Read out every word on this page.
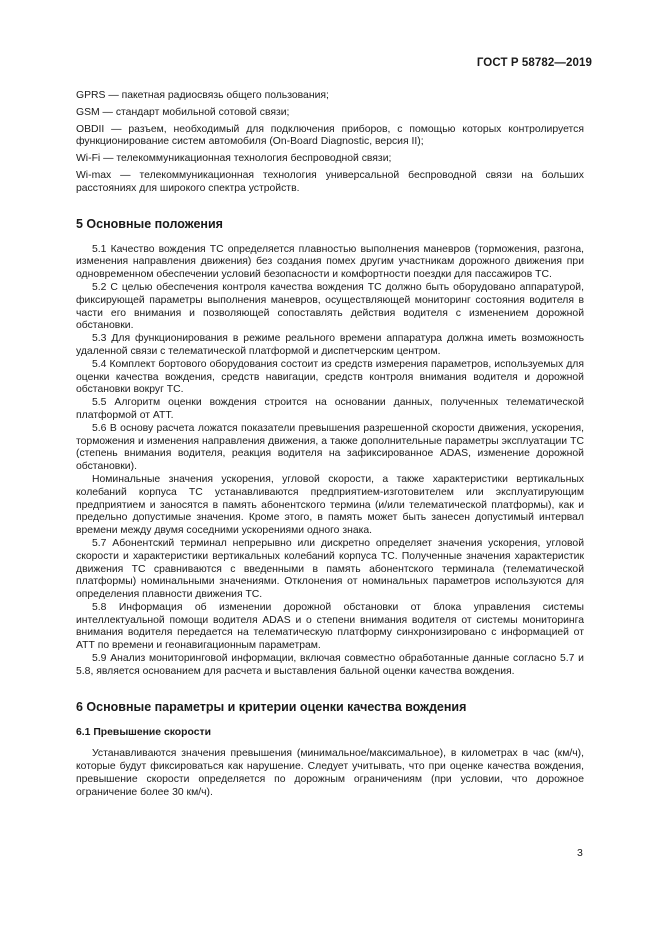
ГОСТ Р 58782—2019

GPRS — пакетная радиосвязь общего пользования;

GSM — стандарт мобильной сотовой связи;

OBDII — разъем, необходимый для подключения приборов, с помощью которых контролируется функционирование систем автомобиля (On-Board Diagnostic, версия II);

Wi-Fi — телекоммуникационная технология беспроводной связи;

Wi-max — телекоммуникационная технология универсальной беспроводной связи на больших расстояниях для широкого спектра устройств.

5 Основные положения

5.1 Качество вождения ТС определяется плавностью выполнения маневров (торможения, разгона, изменения направления движения) без создания помех другим участникам дорожного движения при одновременном обеспечении условий безопасности и комфортности поездки для пассажиров ТС.

5.2 С целью обеспечения контроля качества вождения ТС должно быть оборудовано аппаратурой, фиксирующей параметры выполнения маневров, осуществляющей мониторинг состояния водителя в части его внимания и позволяющей сопоставлять действия водителя с изменением дорожной обстановки.

5.3 Для функционирования в режиме реального времени аппаратура должна иметь возможность удаленной связи с телематической платформой и диспетчерским центром.

5.4 Комплект бортового оборудования состоит из средств измерения параметров, используемых для оценки качества вождения, средств навигации, средств контроля внимания водителя и дорожной обстановки вокруг ТС.

5.5 Алгоритм оценки вождения строится на основании данных, полученных телематической платформой от АТТ.

5.6 В основу расчета ложатся показатели превышения разрешенной скорости движения, ускорения, торможения и изменения направления движения, а также дополнительные параметры эксплуатации ТС (степень внимания водителя, реакция водителя на зафиксированное ADAS, изменение дорожной обстановки).

Номинальные значения ускорения, угловой скорости, а также характеристики вертикальных колебаний корпуса ТС устанавливаются предприятием-изготовителем или эксплуатирующим предприятием и заносятся в память абонентского термина (и/или телематической платформы), как и предельно допустимые значения. Кроме этого, в память может быть занесен допустимый интервал времени между двумя соседними ускорениями одного знака.

5.7 Абонентский терминал непрерывно или дискретно определяет значения ускорения, угловой скорости и характеристики вертикальных колебаний корпуса ТС. Полученные значения характеристик движения ТС сравниваются с введенными в память абонентского терминала (телематической платформы) номинальными значениями. Отклонения от номинальных параметров используются для определения плавности движения ТС.

5.8 Информация об изменении дорожной обстановки от блока управления системы интеллектуальной помощи водителя ADAS и о степени внимания водителя от системы мониторинга внимания водителя передается на телематическую платформу синхронизировано с информацией от АТТ по времени и геонавигационным параметрам.

5.9 Анализ мониторинговой информации, включая совместно обработанные данные согласно 5.7 и 5.8, является основанием для расчета и выставления бальной оценки качества вождения.

6 Основные параметры и критерии оценки качества вождения
6.1 Превышение скорости

Устанавливаются значения превышения (минимальное/максимальное), в километрах в час (км/ч), которые будут фиксироваться как нарушение. Следует учитывать, что при оценке качества вождения, превышение скорости определяется по дорожным ограничениям (при условии, что дорожное ограничение более 30 км/ч).

3
